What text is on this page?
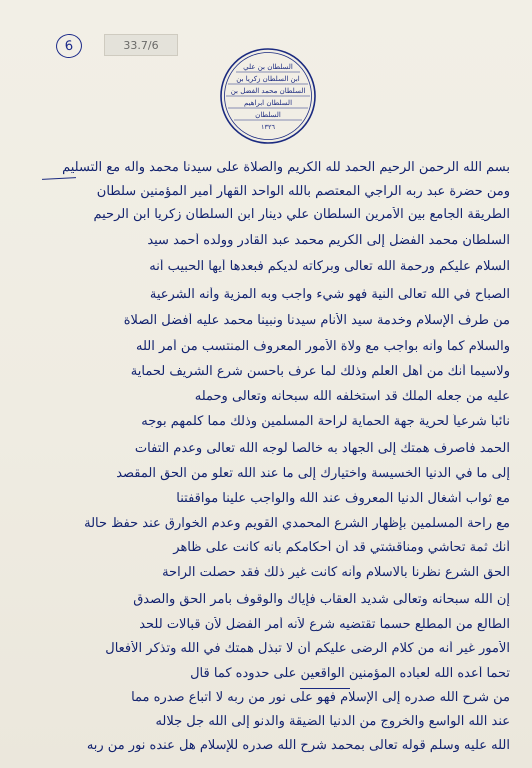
6	33.7/6
السلطان بن علي
ابن السلطان زكريا بن
السلطان محمد الفضل بن
السلطان ابراهيم
السلطان
١٣٢٦
بسم الله الرحمن الرحيم الحمد لله الكريم والصلاة على سيدنا محمد وآله مع التسليم
ومن حضرة عبد ربه الراجي المعتصم بالله الواحد القهار أمير المؤمنين سلطان
الطريقة الجامع بين الأمرين السلطان علي دينار ابن السلطان زكريا ابن الرحيم
السلطان محمد الفضل إلى الكريم محمد عبد القادر وولده أحمد سيد
السلام عليكم ورحمة الله تعالى وبركاته لديكم فبعدها أيها الحبيب أنه
الصباح في الله تعالى النية فهو شيء واجب وبه المزية وأنه الشرعية
من طرف الإسلام وخدمة سيد الأنام سيدنا ونبينا محمد عليه أفضل الصلاة
والسلام كما وأنه بواجب مع ولاة الأمور المعروف المنتسب من أمر الله
ولاسيما أنك من أهل العلم وذلك لما عرف بأحسن شرع الشريف لحماية
عليه من جعله الملك قد استخلفه الله سبحانه وتعالى وحمله
نائباً شرعياً لحرية جهة الحماية لراحة المسلمين وذلك مما كلمهم بوجه
الحمد فاصرف همتك إلى الجهاد به خالصاً لوجه الله تعالى وعدم التفات
إلى ما في الدنيا الخسيسة واختيارك إلى ما عند الله تعلو من الحق المقصد
مع ثواب أشغال الدنيا المعروف عند الله والواجب علينا مواقفتنا
مع راحة المسلمين بإظهار الشرع المحمدي القويم وعدم الخوارق عند حفظ حالة
أنك ثمة تحاشي ومناقشتي قد أن أحكامكم بأنه كانت على ظاهر
الحق الشرع نظرنا بالاسلام وأنه كانت غير ذلك فقد حصلت الراحة
إن الله سبحانه وتعالى شديد العقاب فإياك والوقوف بأمر الحق والصدق
الطالع من المطلع حسما تقتضيه شرع لأنه أمر الفضل لأن قبالات للحد
الأمور غير أنه من كلام الرضى عليكم أن لا تبذل همتك في الله وتذكر الأفعال
تحما أعده الله لعباده المؤمنين الواقعين على حدوده كما قال
من شرح الله صدره إلى الإسلام فهو على نور من ربه لا اتباع صدره مما
عند الله الواسع والخروج من الدنيا الضيقة والدنو إلى الله جل جلاله
الله عليه وسلم قوله تعالى بمحمد شرح الله صدره للإسلام هل عنده نور من ربه
